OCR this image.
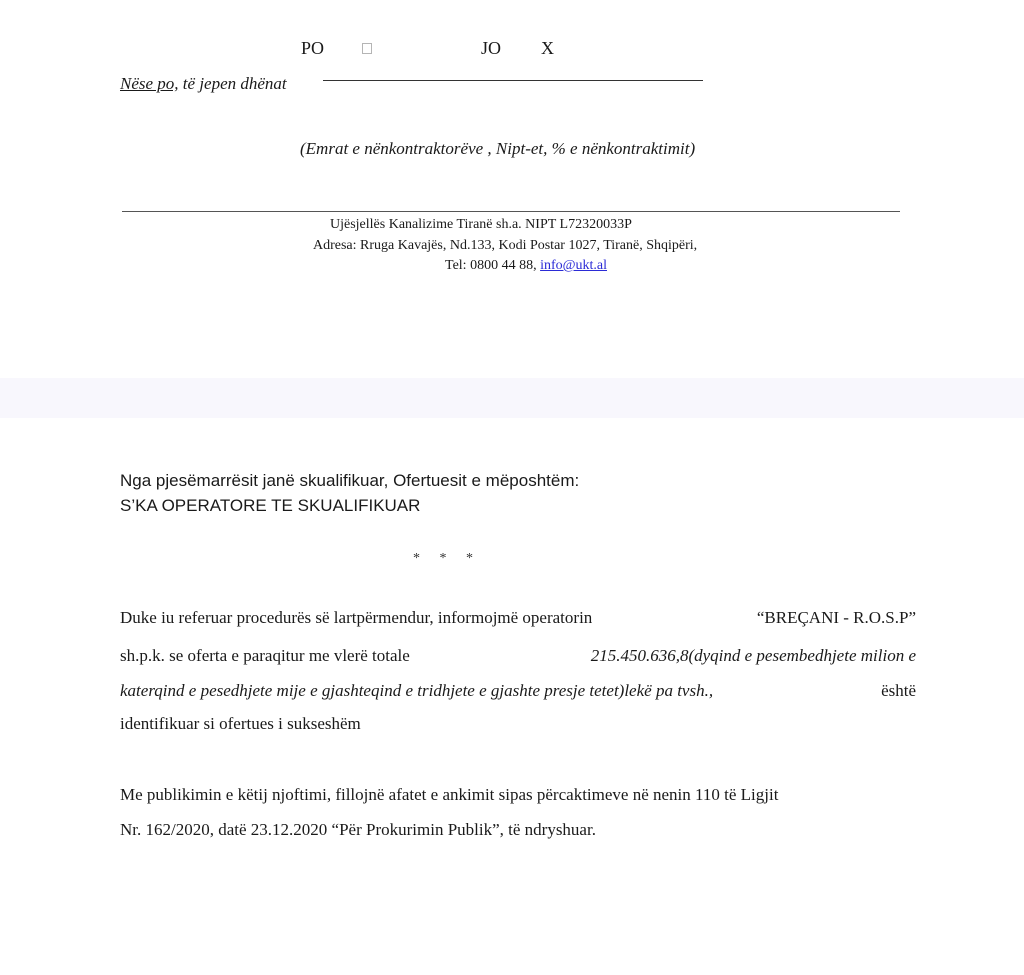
PO	JO X
Nëse po, të jepen dhënat
(Emrat e nënkontraktorëve , Nipt-et, % e nënkontraktimit)
Ujësjellës Kanalizime Tiranë sh.a. NIPT L72320033P
Adresa: Rruga Kavajës, Nd.133, Kodi Postar 1027, Tiranë, Shqipëri,
Tel: 0800 44 88, info@ukt.al
Nga pjesëmarrësit janë skualifikuar, Ofertuesit e mëposhtëm:
S’KA OPERATORE TE SKUALIFIKUAR
* * *
Duke iu referuar procedurës së lartpërmendur, informojmë operatorin	“BREÇANI - R.O.S.P”
sh.p.k. se oferta e paraqitur me vlerë totale	215.450.636,8(dyqind e pesembedhjete milion e
katerqind e pesedhjete mije e gjashteqind e tridhjete e gjashte presje tetet)lekë pa tvsh.,	është
identifikuar si ofertues i sukseshëm
Me publikimin e këtij njoftimi, fillojnë afatet e ankimit sipas përcaktimeve në nenin 110 të Ligjit
Nr. 162/2020, datë 23.12.2020 “Për Prokurimin Publik”, të ndryshuar.
